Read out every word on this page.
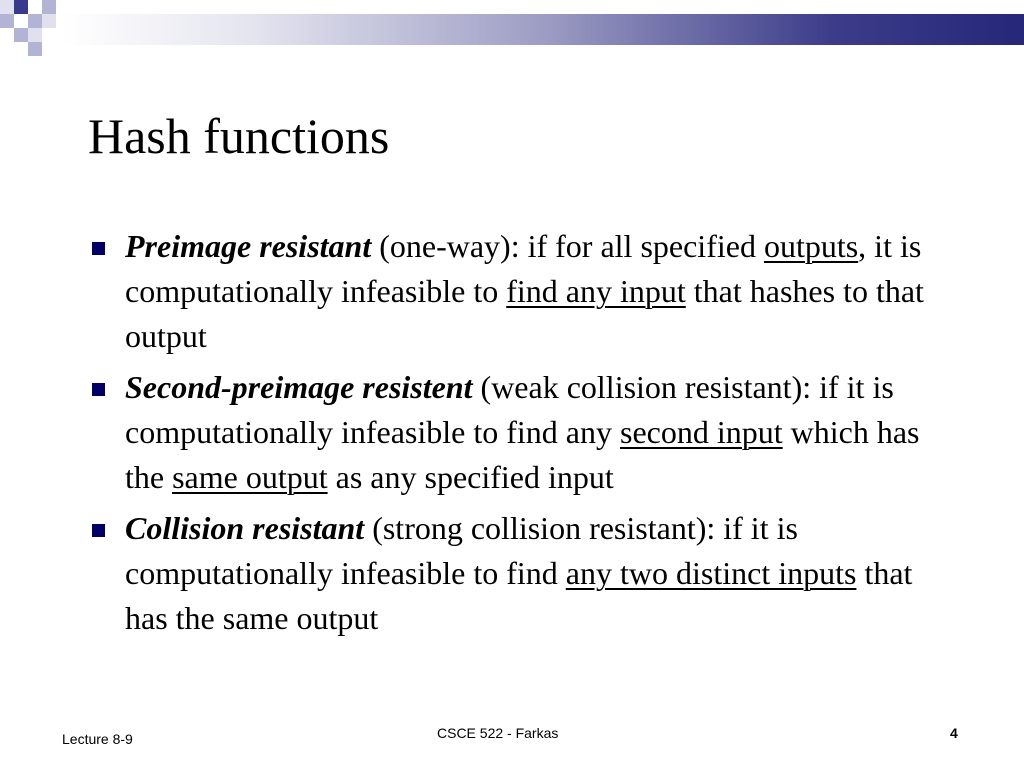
Hash functions
Preimage resistant (one-way): if for all specified outputs, it is computationally infeasible to find any input that hashes to that output
Second-preimage resistent (weak collision resistant): if it is computationally infeasible to find any second input which has the same output as any specified input
Collision resistant (strong collision resistant): if it is computationally infeasible to find any two distinct inputs that has the same output
Lecture 8-9	CSCE 522 - Farkas	4
